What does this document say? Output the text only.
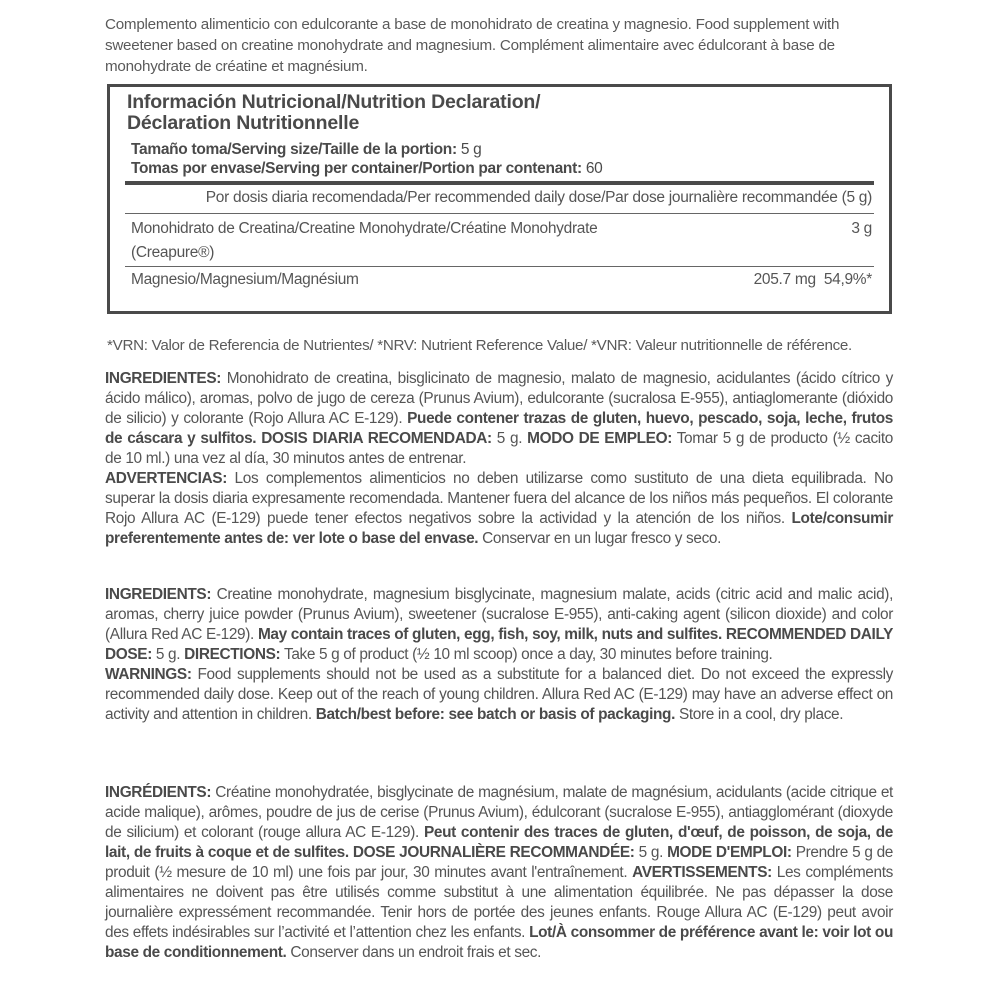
Complemento alimenticio con edulcorante a base de monohidrato de creatina y magnesio. Food supplement with sweetener based on creatine monohydrate and magnesium. Complément alimentaire avec édulcorant à base de monohydrate de créatine et magnésium.
Información Nutricional/Nutrition Declaration/
Déclaration Nutritionnelle
Tamaño toma/Serving size/Taille de la portion: 5 g
Tomas por envase/Serving per container/Portion par contenant: 60
Por dosis diaria recomendada/Per recommended daily dose/Par dose journalière recommandée (5 g)
Monohidrato de Creatina/Creatine Monohydrate/Créatine Monohydrate
(Creapure®)
3 g
Magnesio/Magnesium/Magnésium	205.7 mg  54,9%*
*VRN: Valor de Referencia de Nutrientes/ *NRV: Nutrient Reference Value/ *VNR: Valeur nutritionnelle de référence.
INGREDIENTES: Monohidrato de creatina, bisglicinato de magnesio, malato de magnesio, acidulantes (ácido cítrico y ácido málico), aromas, polvo de jugo de cereza (Prunus Avium), edulcorante (sucralosa E-955), antiaglomerante (dióxido de silicio) y colorante (Rojo Allura AC E-129). Puede contener trazas de gluten, huevo, pescado, soja, leche, frutos de cáscara y sulfitos. DOSIS DIARIA RECOMENDADA: 5 g. MODO DE EMPLEO: Tomar 5 g de producto (½ cacito de 10 ml.) una vez al día, 30 minutos antes de entrenar.
ADVERTENCIAS: Los complementos alimenticios no deben utilizarse como sustituto de una dieta equilibrada. No superar la dosis diaria expresamente recomendada. Mantener fuera del alcance de los niños más pequeños. El colorante Rojo Allura AC (E-129) puede tener efectos negativos sobre la actividad y la atención de los niños. Lote/consumir preferentemente antes de: ver lote o base del envase. Conservar en un lugar fresco y seco.
INGREDIENTS: Creatine monohydrate, magnesium bisglycinate, magnesium malate, acids (citric acid and malic acid), aromas, cherry juice powder (Prunus Avium), sweetener (sucralose E-955), anti-caking agent (silicon dioxide) and color (Allura Red AC E-129). May contain traces of gluten, egg, fish, soy, milk, nuts and sulfites. RECOMMENDED DAILY DOSE: 5 g. DIRECTIONS: Take 5 g of product (½ 10 ml scoop) once a day, 30 minutes before training.
WARNINGS: Food supplements should not be used as a substitute for a balanced diet. Do not exceed the expressly recommended daily dose. Keep out of the reach of young children. Allura Red AC (E-129) may have an adverse effect on activity and attention in children. Batch/best before: see batch or basis of packaging. Store in a cool, dry place.
INGRÉDIENTS: Créatine monohydratée, bisglycinate de magnésium, malate de magnésium, acidulants (acide citrique et acide malique), arômes, poudre de jus de cerise (Prunus Avium), édulcorant (sucralose E-955), antiagglomérant (dioxyde de silicium) et colorant (rouge allura AC E-129). Peut contenir des traces de gluten, d'œuf, de poisson, de soja, de lait, de fruits à coque et de sulfites. DOSE JOURNALIÈRE RECOMMANDÉE: 5 g. MODE D'EMPLOI: Prendre 5 g de produit (½ mesure de 10 ml) une fois par jour, 30 minutes avant l'entraînement. AVERTISSEMENTS: Les compléments alimentaires ne doivent pas être utilisés comme substitut à une alimentation équilibrée. Ne pas dépasser la dose journalière expressément recommandée. Tenir hors de portée des jeunes enfants. Rouge Allura AC (E-129) peut avoir des effets indésirables sur l’activité et l’attention chez les enfants. Lot/À consommer de préférence avant le: voir lot ou base de conditionnement. Conserver dans un endroit frais et sec.
